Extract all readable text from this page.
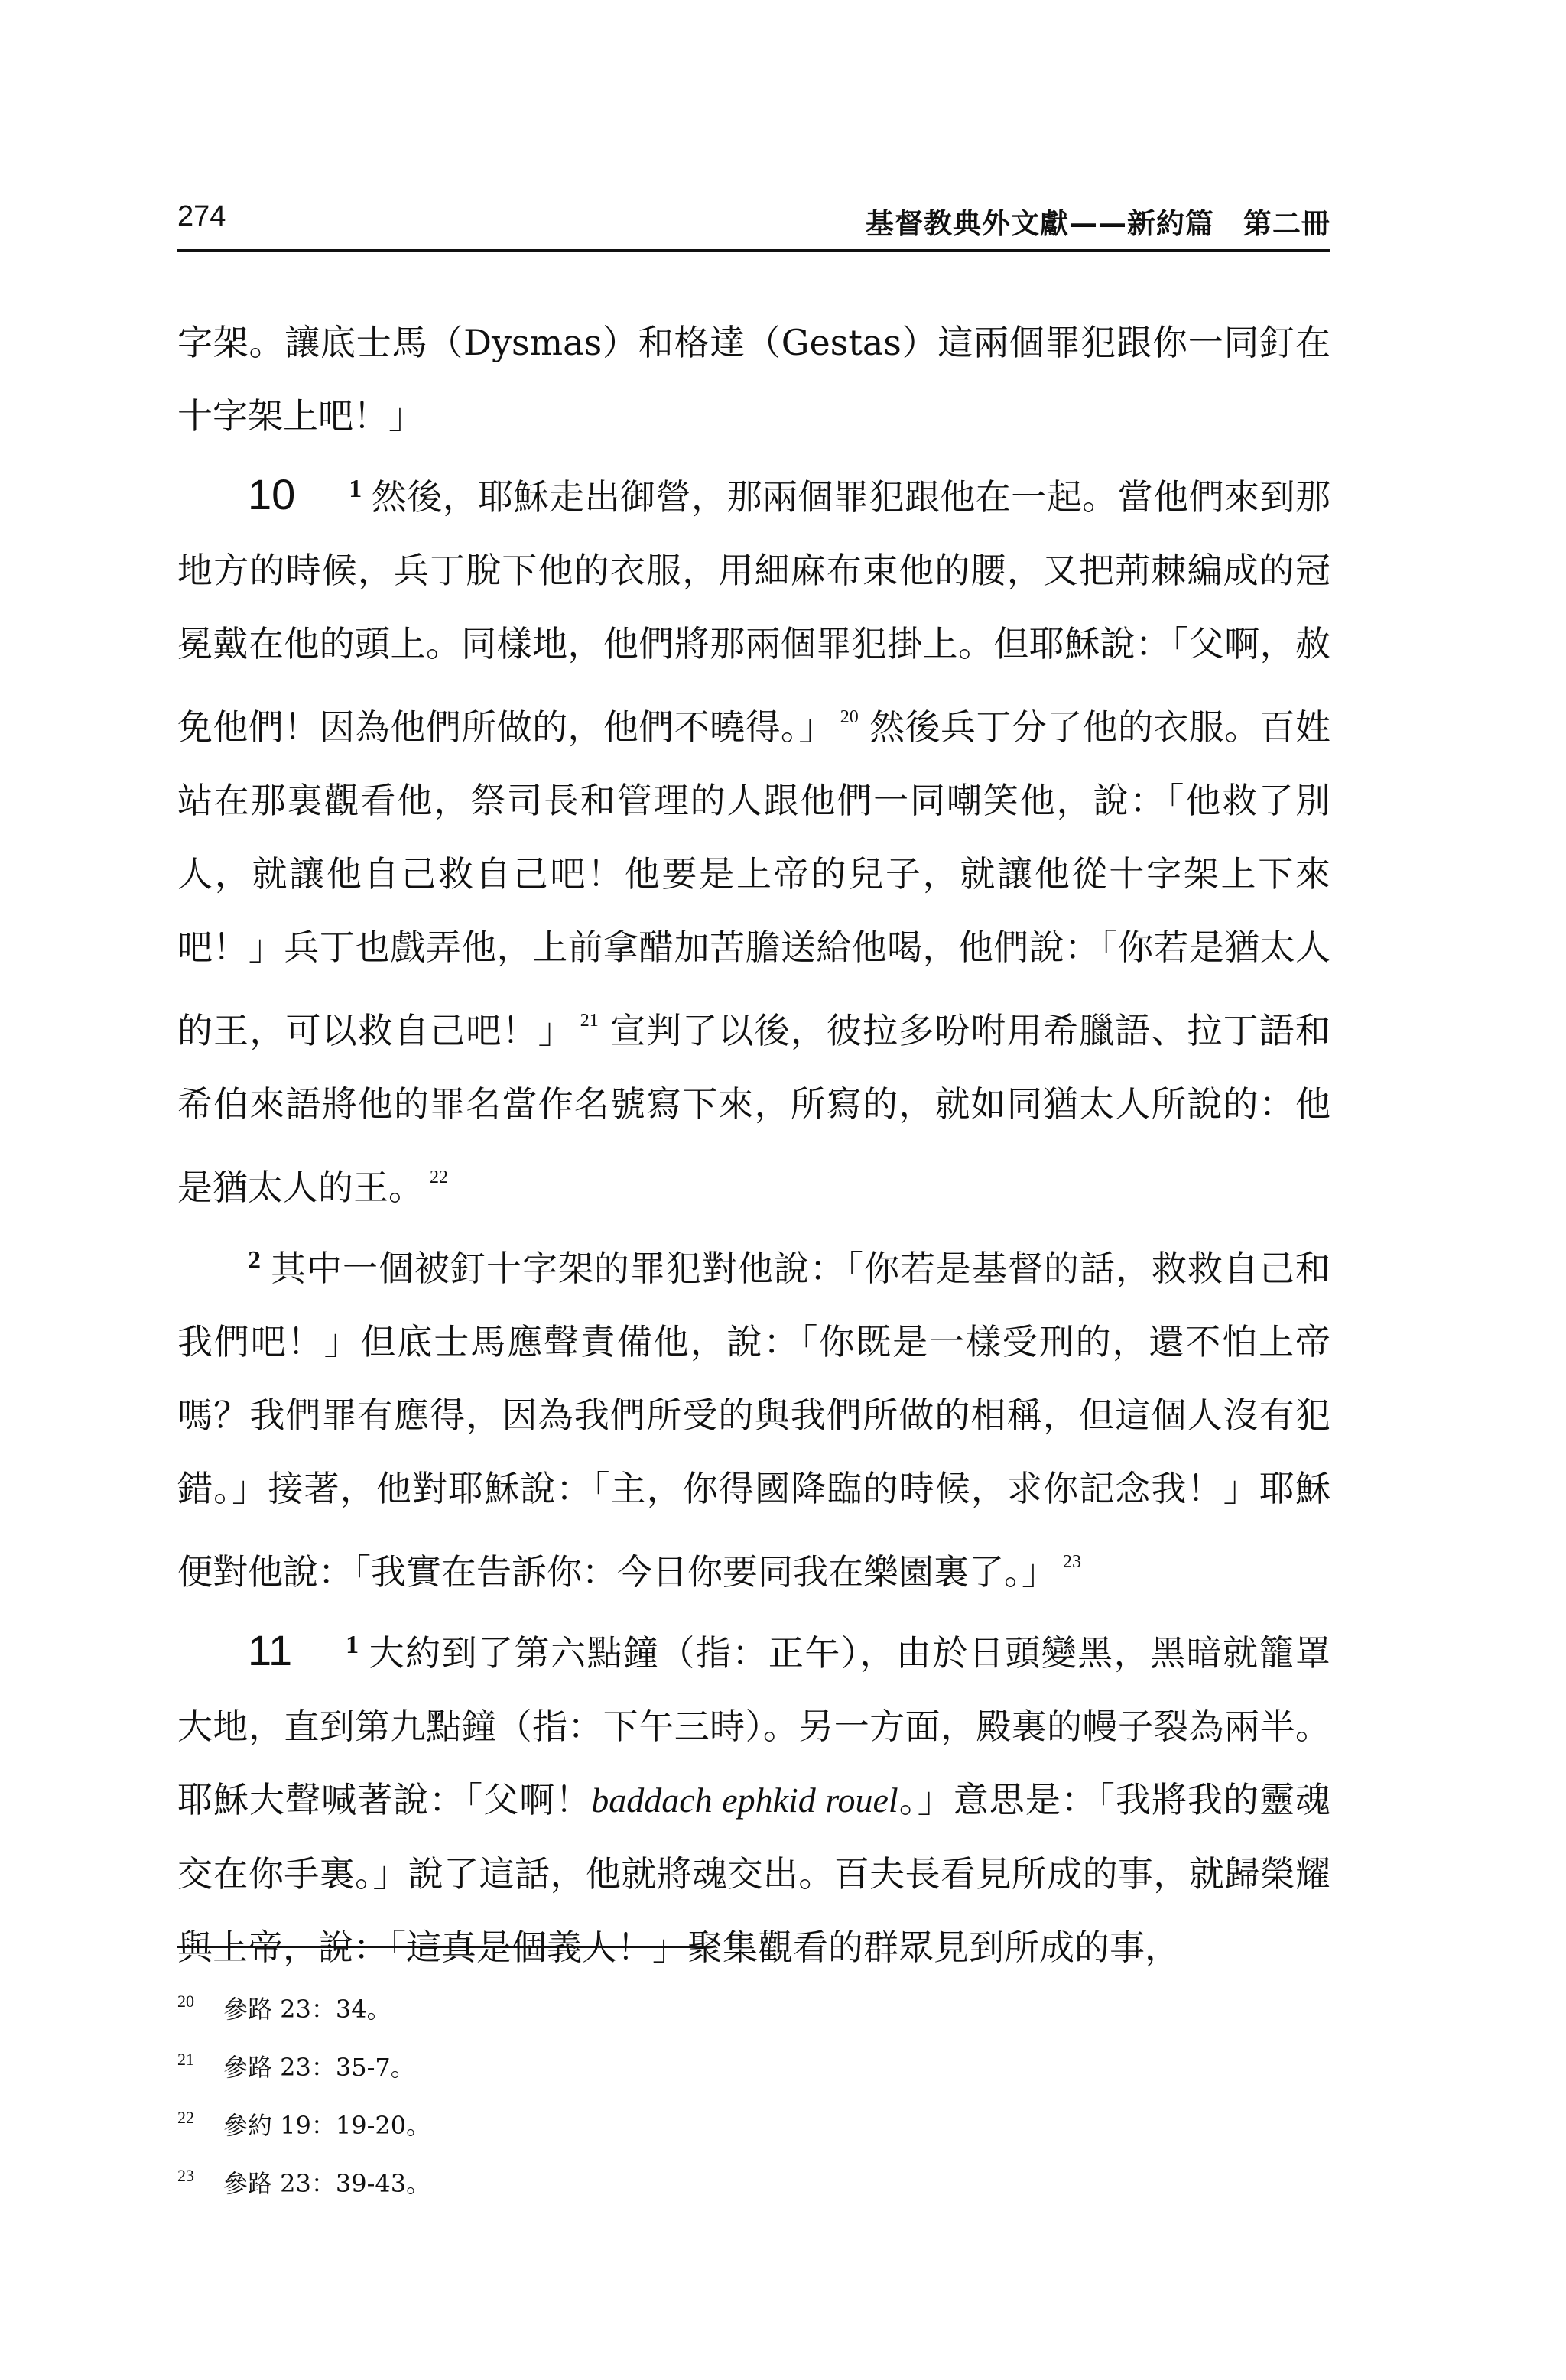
274	基督教典外文獻——新約篇　第二冊

字架。讓底士馬（Dysmas）和格達（Gestas）這兩個罪犯跟你一同釘在十字架上吧！」

10 $^1$ 然後，耶穌走出御營，那兩個罪犯跟他在一起。當他們來到那地方的時候，兵丁脫下他的衣服，用細麻布束他的腰，又把荊棘編成的冠冕戴在他的頭上。同樣地，他們將那兩個罪犯掛上。但耶穌說：「父啊，赦免他們！因為他們所做的，他們不曉得。」 $^{20}$ 然後兵丁分了他的衣服。百姓站在那裏觀看他，祭司長和管理的人跟他們一同嘲笑他，說：「他救了別人，就讓他自己救自己吧！他要是上帝的兒子，就讓他從十字架上下來吧！」兵丁也戲弄他，上前拿醋加苦膽送給他喝，他們說：「你若是猶太人的王，可以救自己吧！」 $^{21}$ 宣判了以後，彼拉多吩咐用希臘語、拉丁語和希伯來語將他的罪名當作名號寫下來，所寫的，就如同猶太人所說的：他是猶太人的王。 $^{22}$

$^2$ 其中一個被釘十字架的罪犯對他說：「你若是基督的話，救救自己和我們吧！」但底士馬應聲責備他，說：「你既是一樣受刑的，還不怕上帝嗎？我們罪有應得，因為我們所受的與我們所做的相稱，但這個人沒有犯錯。」接著，他對耶穌說：「主，你得國降臨的時候，求你記念我！」耶穌便對他說：「我實在告訴你：今日你要同我在樂園裏了。」 $^{23}$

11 $^1$ 大約到了第六點鐘（指：正午），由於日頭變黑，黑暗就籠罩大地，直到第九點鐘（指：下午三時）。另一方面，殿裏的幔子裂為兩半。耶穌大聲喊著說：「父啊！baddach ephkid rouel。」意思是：「我將我的靈魂交在你手裏。」說了這話，他就將魂交出。百夫長看見所成的事，就歸榮耀與上帝，說：「這真是個義人！」聚集觀看的群眾見到所成的事，

20 參路 23：34。
21 參路 23：35-7。
22 參約 19：19-20。
23 參路 23：39-43。
